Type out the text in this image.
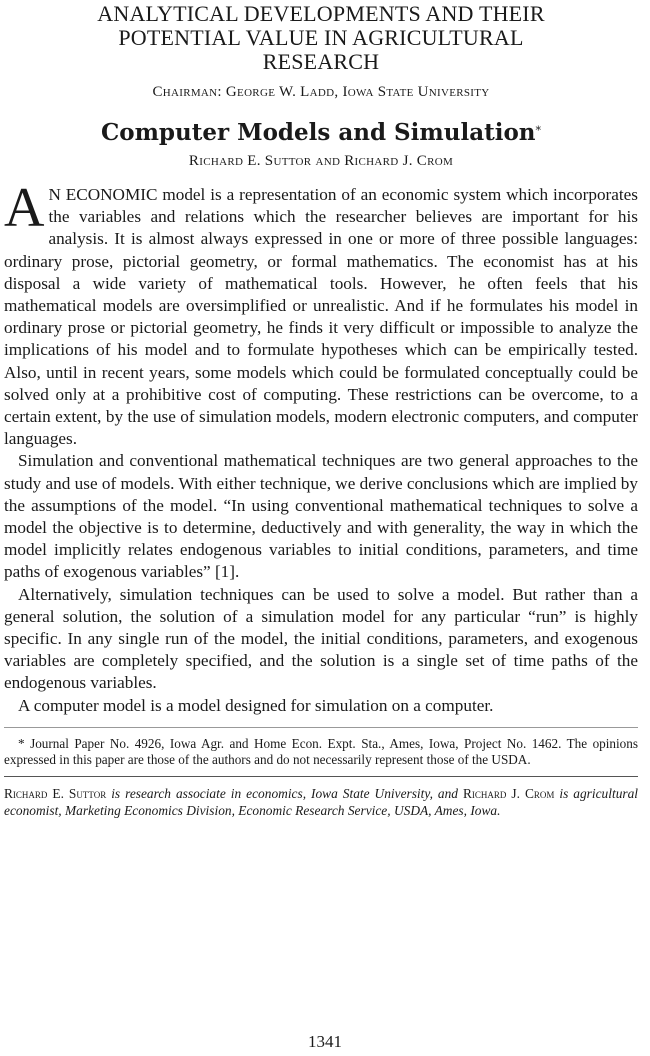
ANALYTICAL DEVELOPMENTS AND THEIR
POTENTIAL VALUE IN AGRICULTURAL
RESEARCH
Chairman: George W. Ladd, Iowa State University
Computer Models and Simulation*
Richard E. Suttor and Richard J. Crom

A N ECONOMIC model is a representation of an economic system which incorporates the variables and relations which the researcher believes are important for his analysis. It is almost always expressed in one or more of three possible languages: ordinary prose, pictorial geometry, or formal mathematics. The economist has at his disposal a wide variety of mathematical tools. However, he often feels that his mathematical models are oversimplified or unrealistic. And if he formulates his model in ordinary prose or pictorial geometry, he finds it very difficult or impossible to analyze the implications of his model and to formulate hypotheses which can be empirically tested. Also, until in recent years, some models which could be formulated conceptually could be solved only at a prohibitive cost of computing. These restrictions can be overcome, to a certain extent, by the use of simulation models, modern electronic computers, and computer languages.

Simulation and conventional mathematical techniques are two general approaches to the study and use of models. With either technique, we derive conclusions which are implied by the assumptions of the model. “In using conventional mathematical techniques to solve a model the objective is to determine, deductively and with generality, the way in which the model implicitly relates endogenous variables to initial conditions, parameters, and time paths of exogenous variables” [1].

Alternatively, simulation techniques can be used to solve a model. But rather than a general solution, the solution of a simulation model for any particular “run” is highly specific. In any single run of the model, the initial conditions, parameters, and exogenous variables are completely specified, and the solution is a single set of time paths of the endogenous variables.

A computer model is a model designed for simulation on a computer.

* Journal Paper No. 4926, Iowa Agr. and Home Econ. Expt. Sta., Ames, Iowa, Project No. 1462. The opinions expressed in this paper are those of the authors and do not necessarily represent those of the USDA.

Richard E. Suttor is research associate in economics, Iowa State University, and Richard J. Crom is agricultural economist, Marketing Economics Division, Economic Research Service, USDA, Ames, Iowa.

1341
